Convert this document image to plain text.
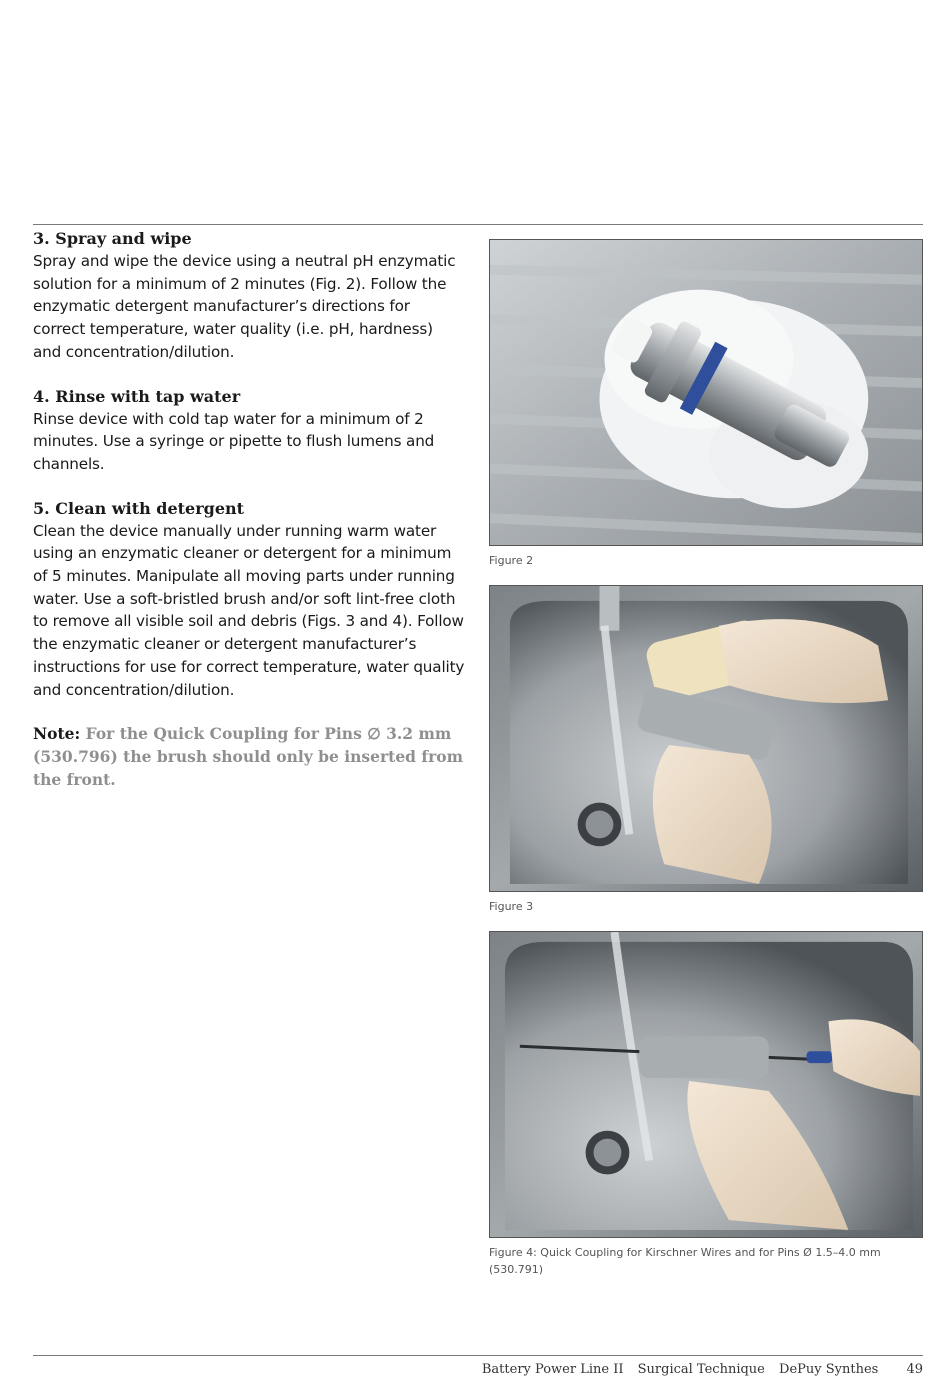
3. Spray and wipe

Spray and wipe the device using a neutral pH enzymatic solution for a minimum of 2 minutes (Fig. 2). Follow the enzymatic detergent manufacturer’s directions for correct temperature, water quality (i.e. pH, hardness) and concentration/dilution.

4. Rinse with tap water

Rinse device with cold tap water for a minimum of 2 minutes. Use a syringe or pipette to flush lumens and channels.

5. Clean with detergent

Clean the device manually under running warm water using an enzymatic cleaner or detergent for a minimum of 5 minutes. Manipulate all moving parts under running water. Use a soft-bristled brush and/or soft lint-free cloth to remove all visible soil and debris (Figs. 3 and 4). Follow the enzymatic cleaner or detergent manufacturer’s instructions for use for correct temperature, water quality and concentration/dilution.

Note: For the Quick Coupling for Pins ∅ 3.2 mm (530.796) the brush should only be inserted from the front.

Figure 2
Figure 3
Figure 4: Quick Coupling for Kirschner Wires and for Pins Ø 1.5–4.0 mm (530.791)
Battery Power Line II Surgical Technique DePuy Synthes 49
